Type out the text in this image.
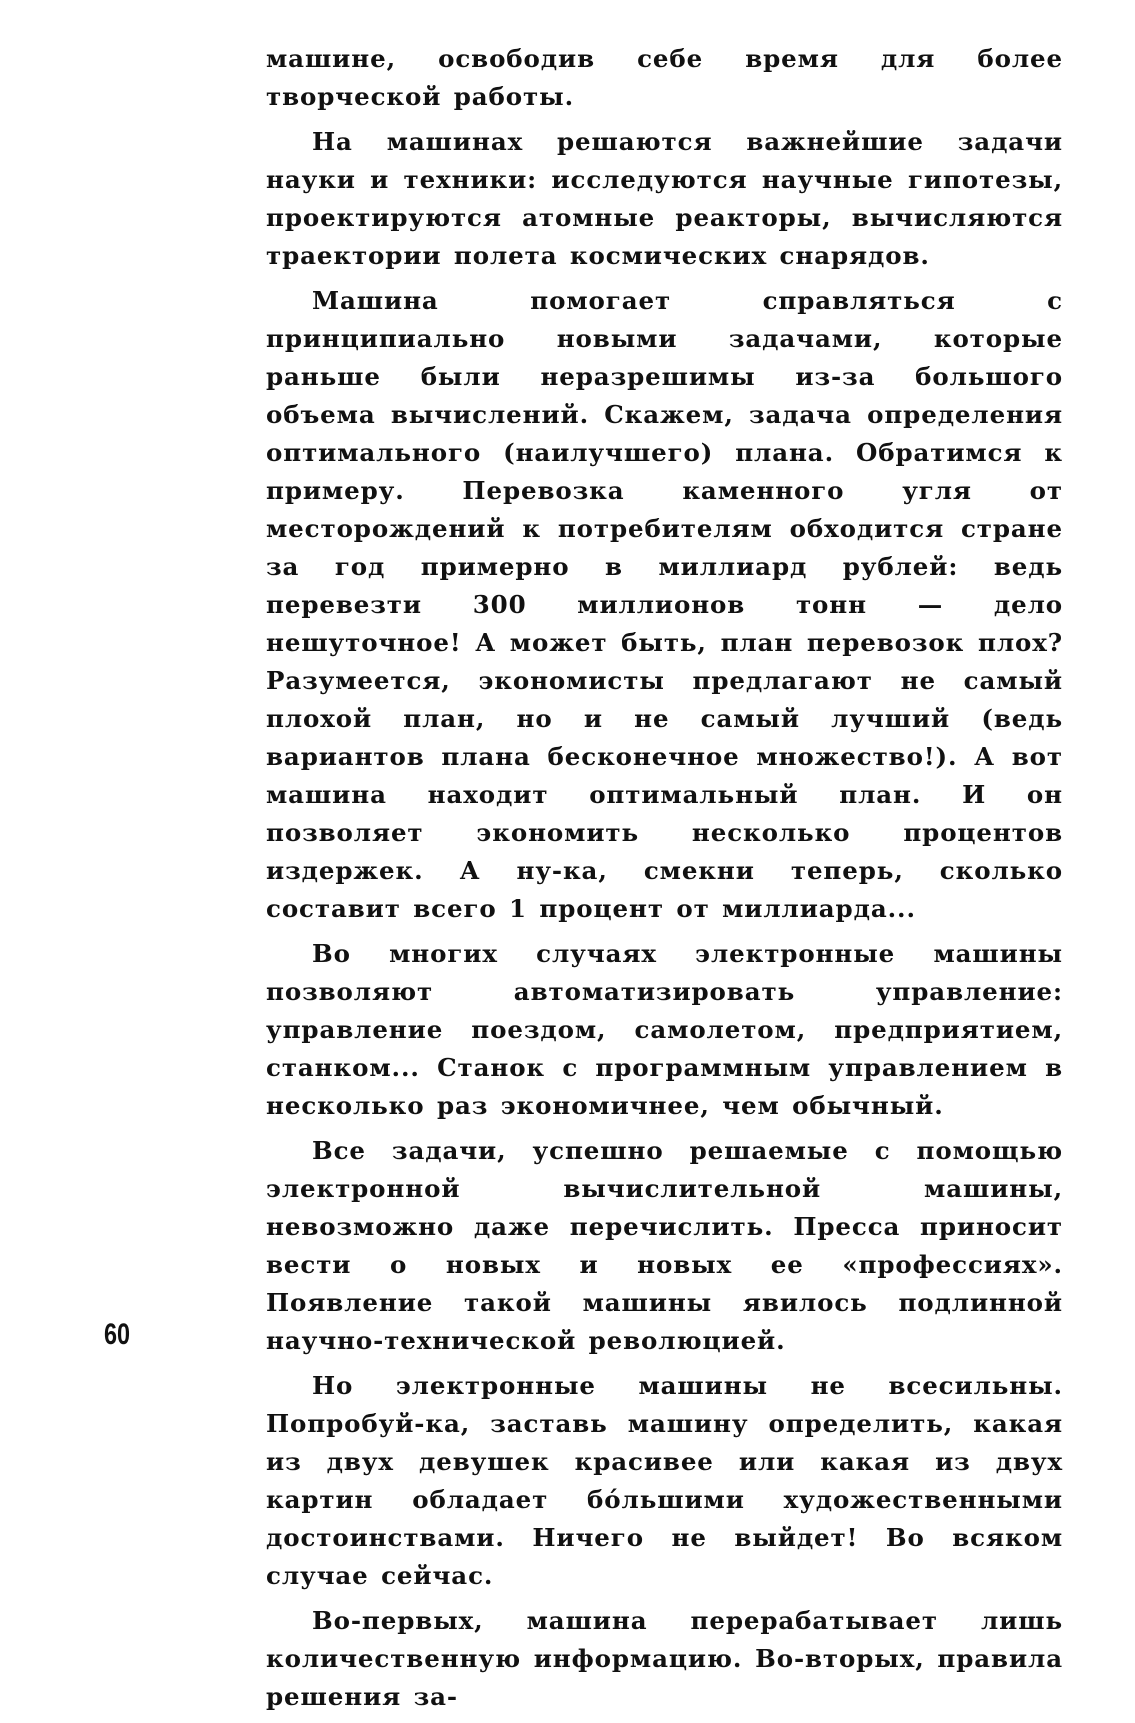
машине, освободив себе время для более творческой работы.

На машинах решаются важнейшие задачи науки и техники: исследуются научные гипотезы, проектируются атомные реакторы, вычисляются траектории полета космических снарядов.

Машина помогает справляться с принципиально новыми задачами, которые раньше были неразрешимы из-за большого объема вычислений. Скажем, задача определения оптимального (наилучшего) плана. Обратимся к примеру. Перевозка каменного угля от месторождений к потребителям обходится стране за год примерно в миллиард рублей: ведь перевезти 300 миллионов тонн — дело нешуточное! А может быть, план перевозок плох? Разумеется, экономисты предлагают не самый плохой план, но и не самый лучший (ведь вариантов плана бесконечное множество!). А вот машина находит оптимальный план. И он позволяет экономить несколько процентов издержек. А ну-ка, смекни теперь, сколько составит всего 1 процент от миллиарда...

Во многих случаях электронные машины позволяют автоматизировать управление: управление поездом, самолетом, предприятием, станком... Станок с программным управлением в несколько раз экономичнее, чем обычный.

Все задачи, успешно решаемые с помощью электронной вычислительной машины, невозможно даже перечислить. Пресса приносит вести о новых и новых ее «профессиях». Появление такой машины явилось подлинной научно-технической революцией.

Но электронные машины не всесильны. Попробуй-ка, заставь машину определить, какая из двух девушек красивее или какая из двух картин обладает бóльшими художественными достоинствами. Ничего не выйдет! Во всяком случае сейчас.

Во-первых, машина перерабатывает лишь количественную информацию. Во-вторых, правила решения за-

60
